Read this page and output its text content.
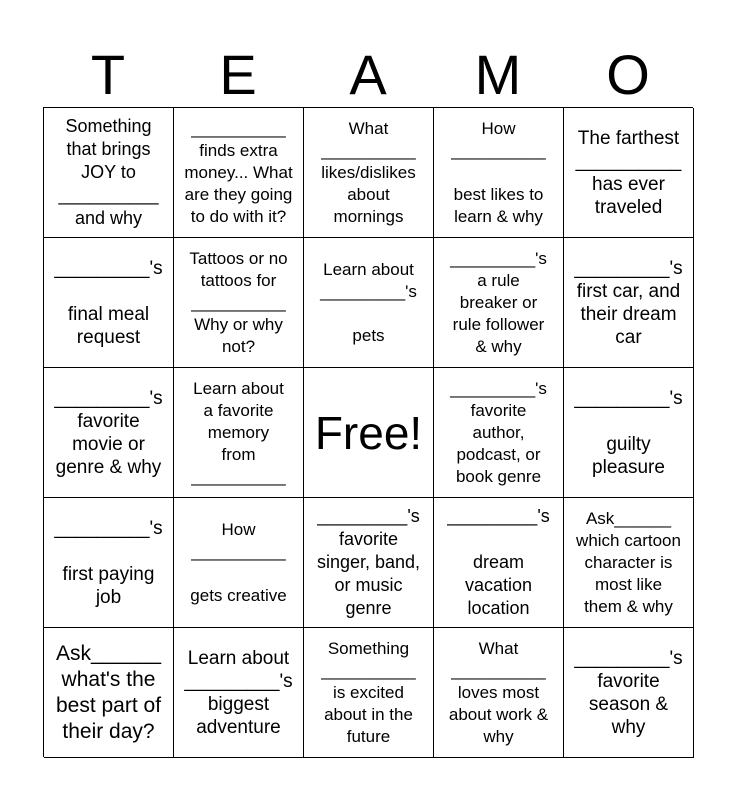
T	E	A	M	O
Something
that brings
JOY to
__________
and why
__________
finds extra
money... What
are they going
to do with it?
What
__________
likes/dislikes
about
mornings
How
__________

best likes to
learn & why
The farthest
__________
has ever
traveled
_________'s

final meal
request
Tattoos or no
tattoos for
__________
Why or why
not?
Learn about
_________'s

pets
_________'s
a rule
breaker or
rule follower
& why
_________'s
first car, and
their dream
car
_________'s
favorite
movie or
genre & why
Learn about
a favorite
memory
from
__________
Free!
_________'s
favorite
author,
podcast, or
book genre
_________'s

guilty
pleasure
_________'s

first paying
job
How
__________

gets creative
_________'s
favorite
singer, band,
or music
genre
_________'s

dream
vacation
location
Ask______
which cartoon
character is
most like
them & why
Ask______
what's the
best part of
their day?
Learn about
_________'s
biggest
adventure
Something
__________
is excited
about in the
future
What
__________
loves most
about work &
why
_________'s
favorite
season &
why
